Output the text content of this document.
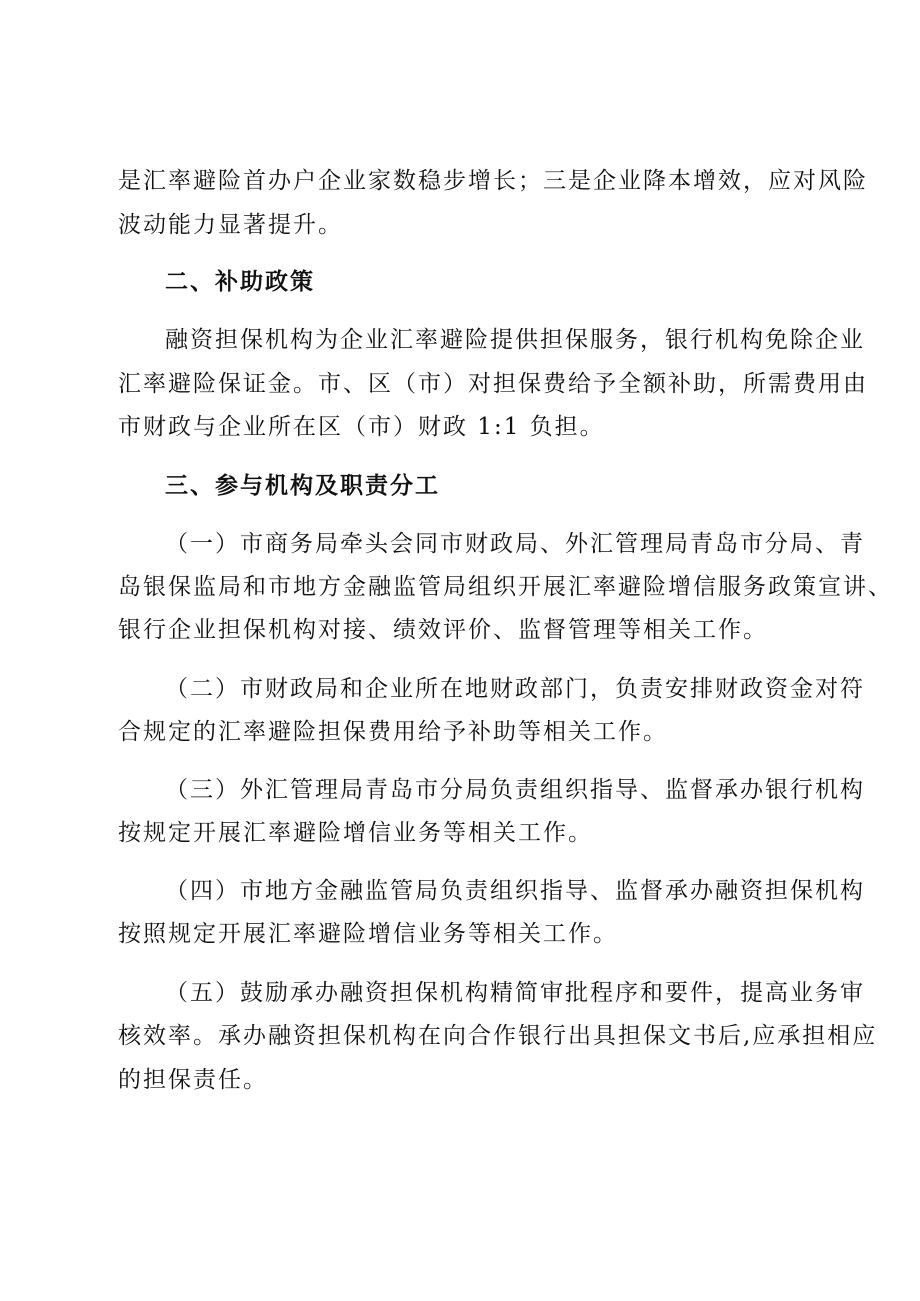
是汇率避险首办户企业家数稳步增长；三是企业降本增效，应对风险
波动能力显著提升。
二、补助政策
融资担保机构为企业汇率避险提供担保服务，银行机构免除企业
汇率避险保证金。市、区（市）对担保费给予全额补助，所需费用由
市财政与企业所在区（市）财政 1:1 负担。
三、参与机构及职责分工
（一）市商务局牵头会同市财政局、外汇管理局青岛市分局、青
岛银保监局和市地方金融监管局组织开展汇率避险增信服务政策宣讲、
银行企业担保机构对接、绩效评价、监督管理等相关工作。
（二）市财政局和企业所在地财政部门，负责安排财政资金对符
合规定的汇率避险担保费用给予补助等相关工作。
（三）外汇管理局青岛市分局负责组织指导、监督承办银行机构
按规定开展汇率避险增信业务等相关工作。
（四）市地方金融监管局负责组织指导、监督承办融资担保机构
按照规定开展汇率避险增信业务等相关工作。
（五）鼓励承办融资担保机构精简审批程序和要件，提高业务审
核效率。承办融资担保机构在向合作银行出具担保文书后,应承担相应
的担保责任。
